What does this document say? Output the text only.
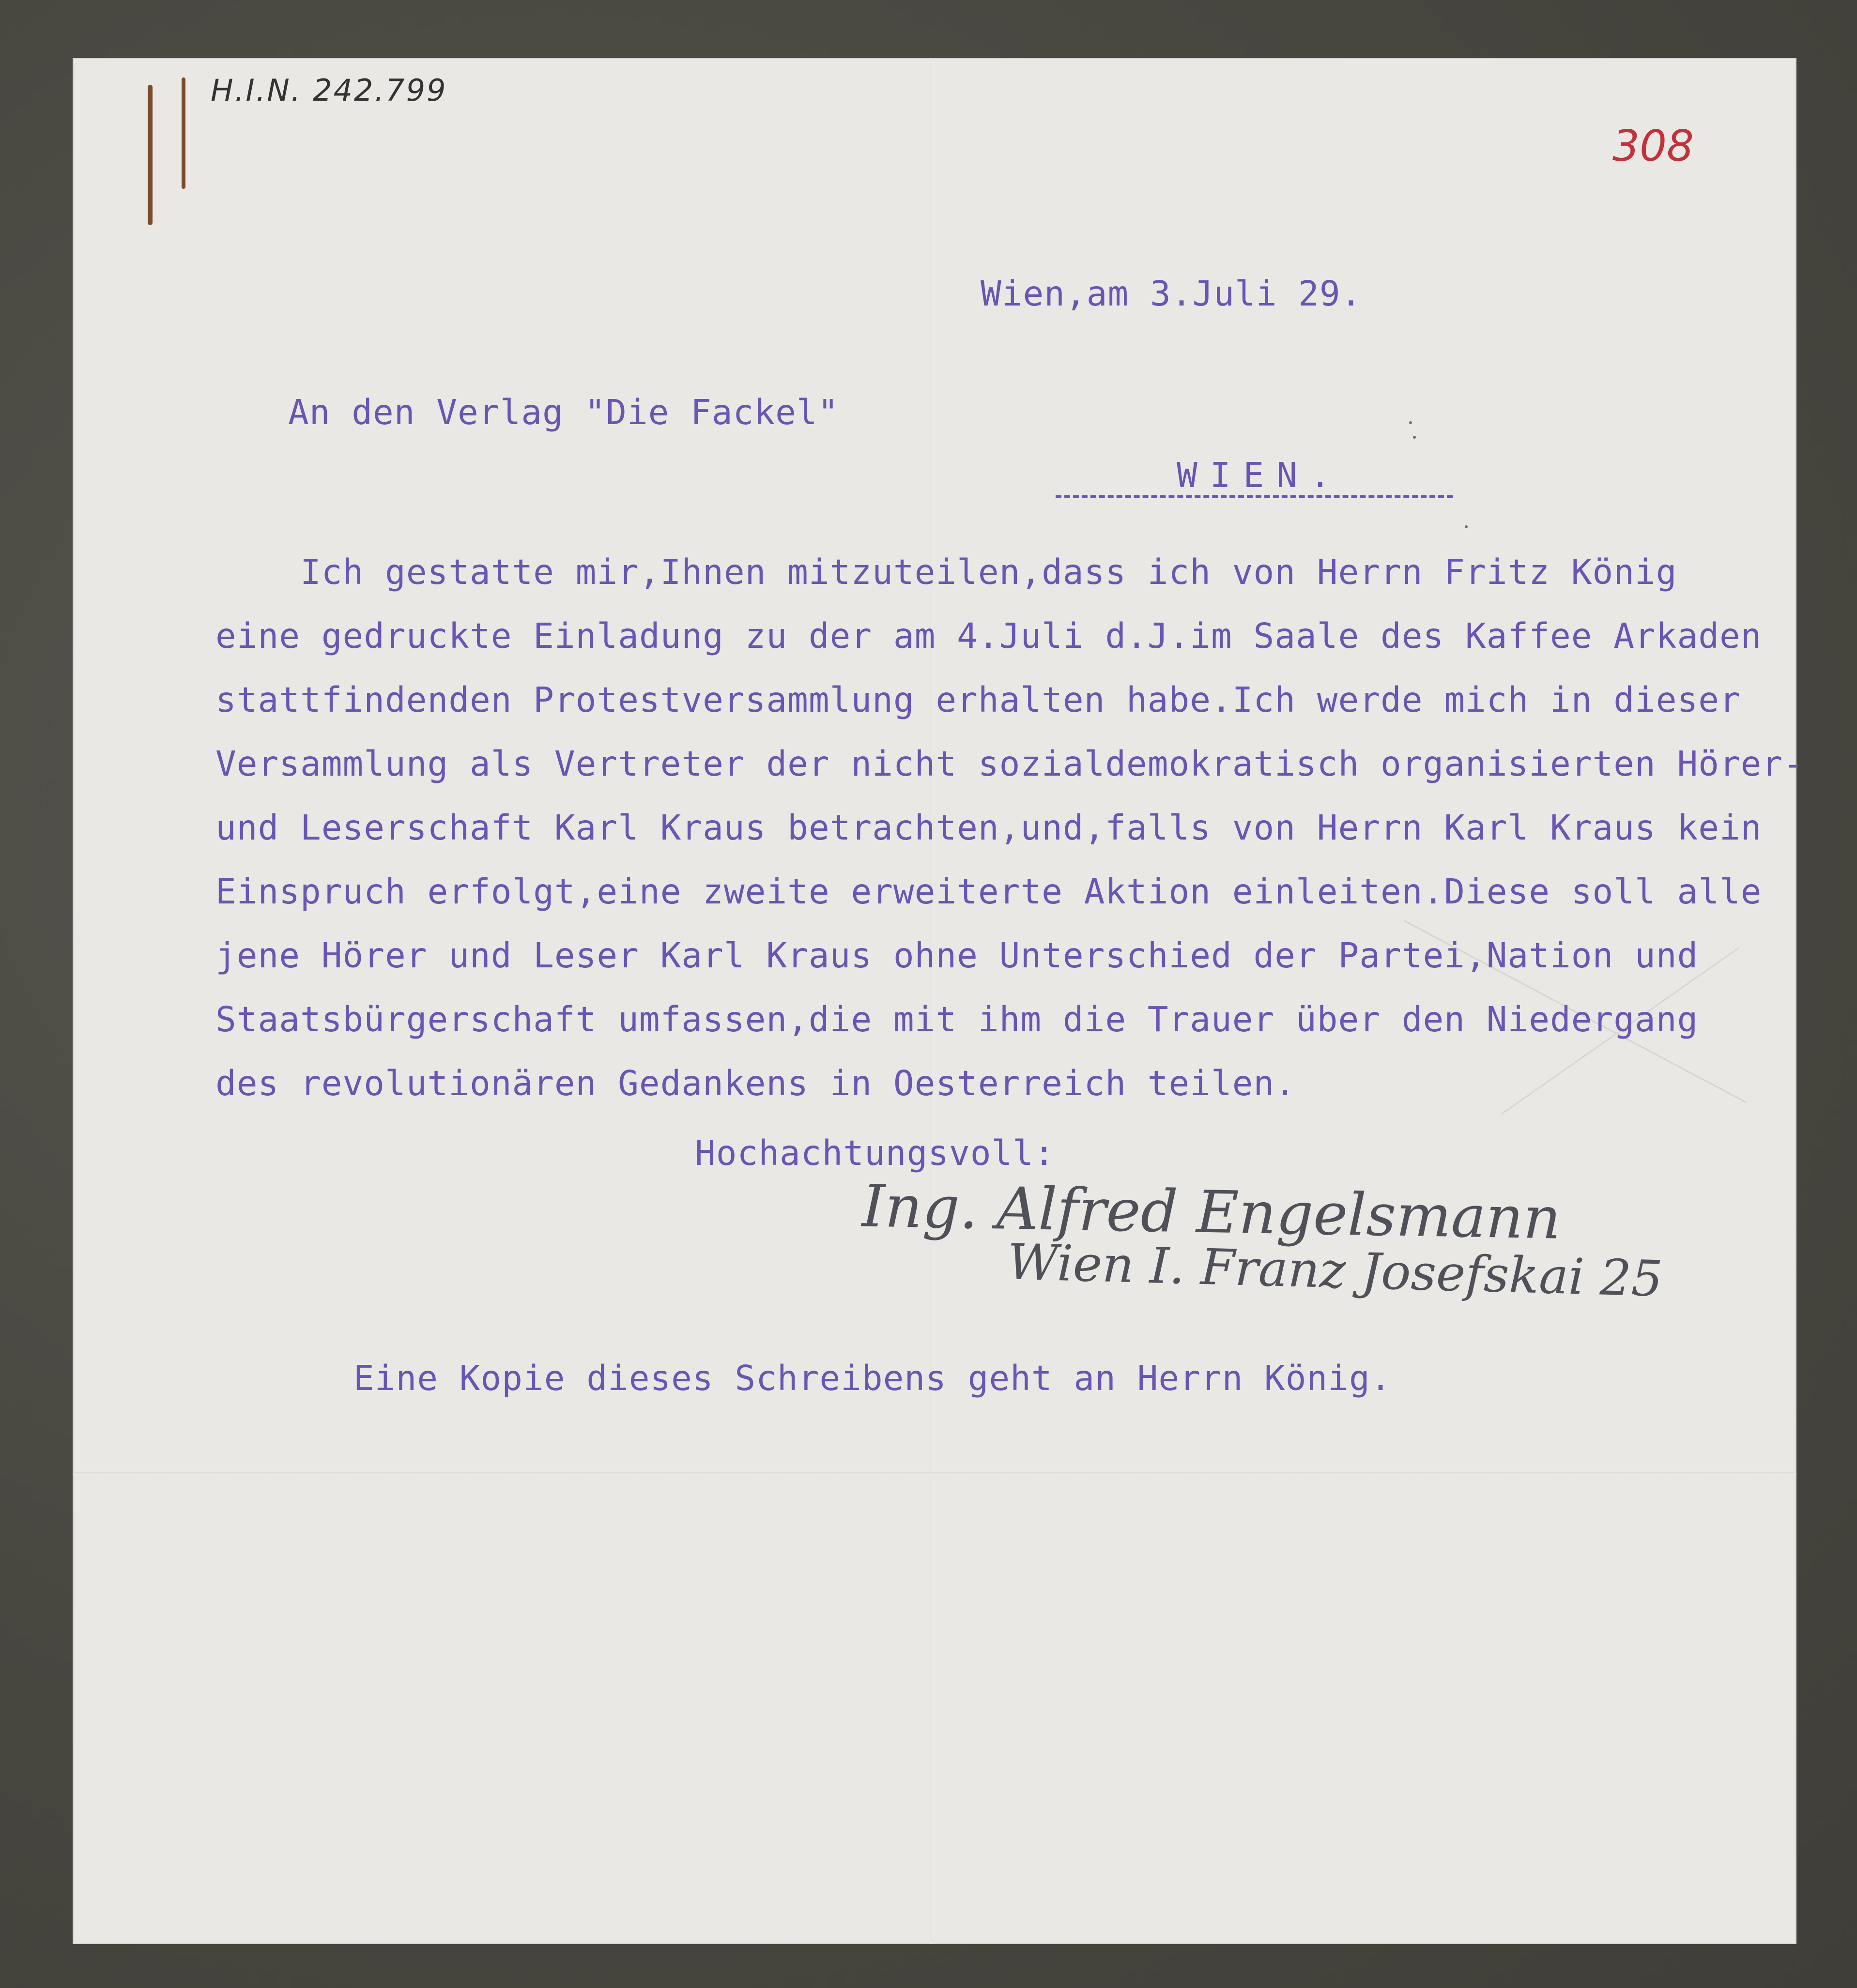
H.I.N. 242.799
308
Wien,am 3.Juli 29.
An den Verlag "Die Fackel"
WIEN.
Ich gestatte mir,Ihnen mitzuteilen,dass ich von Herrn Fritz König
eine gedruckte Einladung zu der am 4.Juli d.J.im Saale des Kaffee Arkaden
stattfindenden Protestversammlung erhalten habe.Ich werde mich in dieser
Versammlung als Vertreter der nicht sozialdemokratisch organisierten Hörer-
und Leserschaft Karl Kraus betrachten,und,falls von Herrn Karl Kraus kein
Einspruch erfolgt,eine zweite erweiterte Aktion einleiten.Diese soll alle
jene Hörer und Leser Karl Kraus ohne Unterschied der Partei,Nation und
Staatsbürgerschaft umfassen,die mit ihm die Trauer über den Niedergang
des revolutionären Gedankens in Oesterreich teilen.
Hochachtungsvoll:
Ing. Alfred Engelsmann
Wien I. Franz Josefskai 25
Eine Kopie dieses Schreibens geht an Herrn König.
